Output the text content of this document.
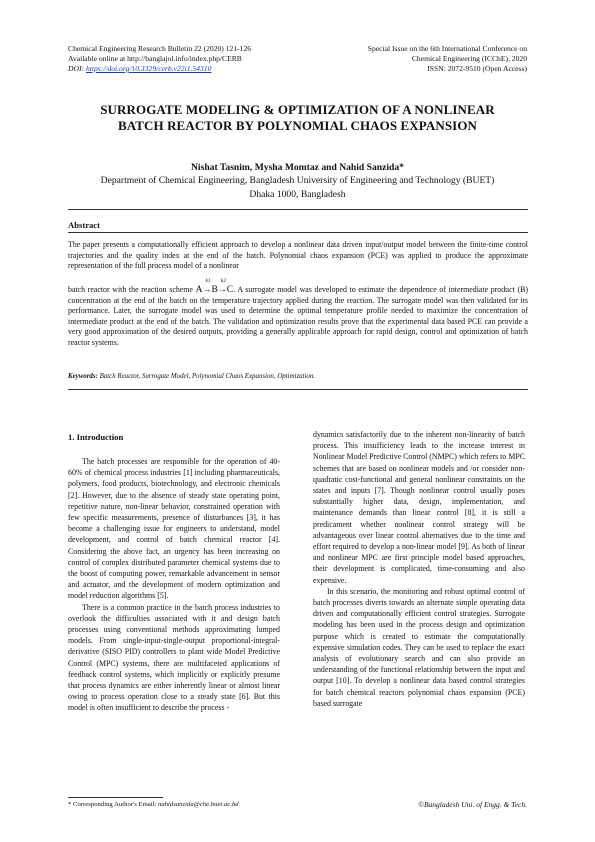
Chemical Engineering Research Bulletin 22 (2020) 121-126
Available online at http://banglajol.info/index.php/CERB
DOI: https://doi.org/10.3329/cerb.v22i1.54310
Special Issue on the 6th International Conference on
Chemical Engineering (ICChE), 2020
ISSN: 2072-9510 (Open Access)
SURROGATE MODELING & OPTIMIZATION OF A NONLINEAR
BATCH REACTOR BY POLYNOMIAL CHAOS EXPANSION
Nishat Tasnim, Mysha Momtaz and Nahid Sanzida*
Department of Chemical Engineering, Bangladesh University of Engineering and Technology (BUET)
Dhaka 1000, Bangladesh
Abstract

The paper presents a computationally efficient approach to develop a nonlinear data driven input/output model between the finite-time control trajectories and the quality index at the end of the batch. Polynomial chaos expansion (PCE) was applied to produce the approximate representation of the full process model of a nonlinear

batch reactor with the reaction scheme A
k1
→B
k2
→C. A surrogate model was developed to estimate the dependence of intermediate product (B) concentration at the end of the batch on the temperature trajectory applied during the reaction. The surrogate model was then validated for its performance. Later, the surrogate model was used to determine the optimal temperature profile needed to maximize the concentration of intermediate product at the end of the batch. The validation and optimization results prove that the experimental data based PCE can provide a very good approximation of the desired outputs, providing a generally applicable approach for rapid design, control and optimization of batch reactor systems.

Keywords: Batch Reactor, Surrogate Model, Polynomial Chaos Expansion, Optimization.
1. Introduction

The batch processes are responsible for the operation of 40-60% of chemical process industries [1] including pharmaceuticals, polymers, food products, biotechnology, and electronic chemicals [2]. However, due to the absence of steady state operating point, repetitive nature, non-linear behavior, constrained operation with few specific measurements, presence of disturbances [3], it has become a challenging issue for engineers to understand, model development, and control of batch chemical reactor [4]. Considering the above fact, an urgency has been increasing on control of complex distributed parameter chemical systems due to the boost of computing power, remarkable advancement in sensor and actuator, and the development of modern optimization and model reduction algorithms [5].

There is a common practice in the batch process industries to overlook the difficulties associated with it and design batch processes using conventional methods approximating lumped models. From single-input-single-output proportional-integral-derivative (SISO PID) controllers to plant wide Model Predictive Control (MPC) systems, there are multifaceted applications of feedback control systems, which implicitly or explicitly presume that process dynamics are either inherently linear or almost linear owing to process operation close to a steady state [6]. But this model is often insufficient to describe the process -

dynamics satisfactorily due to the inherent non-linearity of batch process. This insufficiency leads to the increase interest in Nonlinear Model Predictive Control (NMPC) which refers to MPC schemes that are based on nonlinear models and /or consider non-quadratic cost-functional and general nonlinear constraints on the states and inputs [7]. Though nonlinear control usually poses substantially higher data, design, implementation, and maintenance demands than linear control [8], it is still a predicament whether nonlinear control strategy will be advantageous over linear control alternatives due to the time and effort required to develop a non-linear model [9]. As both of linear and nonlinear MPC are first principle model based approaches, their development is complicated, time-consuming and also expensive.

In this scenario, the monitoring and robust optimal control of batch processes diverts towards an alternate simple operating data driven and computationally efficient control strategies. Surrogate modeling has been used in the process design and optimization purpose which is created to estimate the computationally expensive simulation codes. They can be used to replace the exact analysis of evolutionary search and can also provide an understanding of the functional relationship between the input and output [10]. To develop a nonlinear data based control strategies for batch chemical reactors polynomial chaos expansion (PCE) based surrogate

* Corresponding Author's Email: nahidsanzida@che.buet.ac.bd	©Bangladesh Uni. of Engg. & Tech.
